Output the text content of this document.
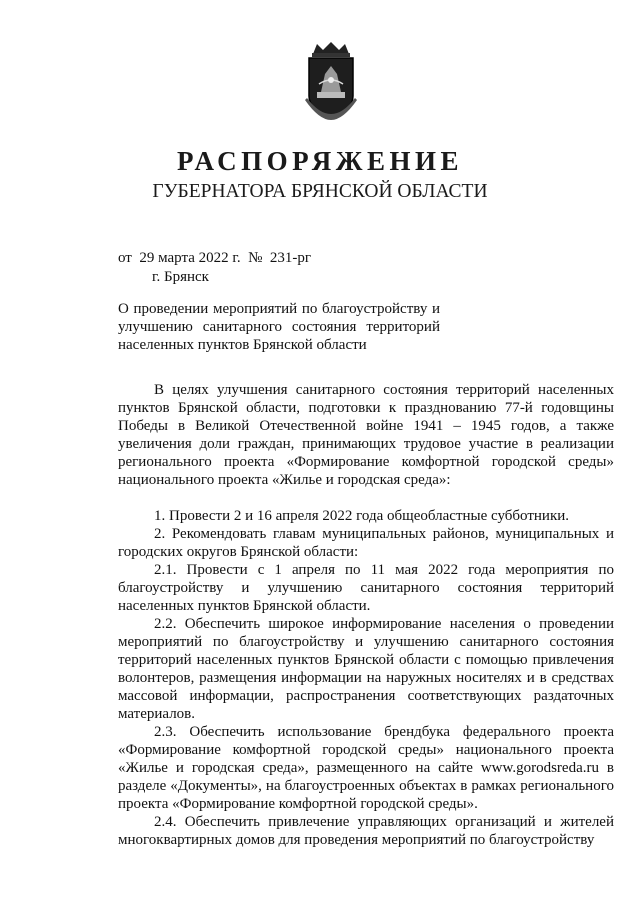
РАСПОРЯЖЕНИЕ
ГУБЕРНАТОРА БРЯНСКОЙ ОБЛАСТИ
от 29 марта 2022 г. № 231-рг
г. Брянск
О проведении мероприятий по благоустройству и улучшению санитарного состояния территорий населенных пунктов Брянской области

В целях улучшения санитарного состояния территорий населенных пунктов Брянской области, подготовки к празднованию 77-й годовщины Победы в Великой Отечественной войне 1941 – 1945 годов, а также увеличения доли граждан, принимающих трудовое участие в реализации регионального проекта «Формирование комфортной городской среды» национального проекта «Жилье и городская среда»:

1. Провести 2 и 16 апреля 2022 года общеобластные субботники.

2. Рекомендовать главам муниципальных районов, муниципальных и городских округов Брянской области:

2.1. Провести с 1 апреля по 11 мая 2022 года мероприятия по благоустройству и улучшению санитарного состояния территорий населенных пунктов Брянской области.

2.2. Обеспечить широкое информирование населения о проведении мероприятий по благоустройству и улучшению санитарного состояния территорий населенных пунктов Брянской области с помощью привлечения волонтеров, размещения информации на наружных носителях и в средствах массовой информации, распространения соответствующих раздаточных материалов.

2.3. Обеспечить использование брендбука федерального проекта «Формирование комфортной городской среды» национального проекта «Жилье и городская среда», размещенного на сайте www.gorodsreda.ru в разделе «Документы», на благоустроенных объектах в рамках регионального проекта «Формирование комфортной городской среды».

2.4. Обеспечить привлечение управляющих организаций и жителей многоквартирных домов для проведения мероприятий по благоустройству
